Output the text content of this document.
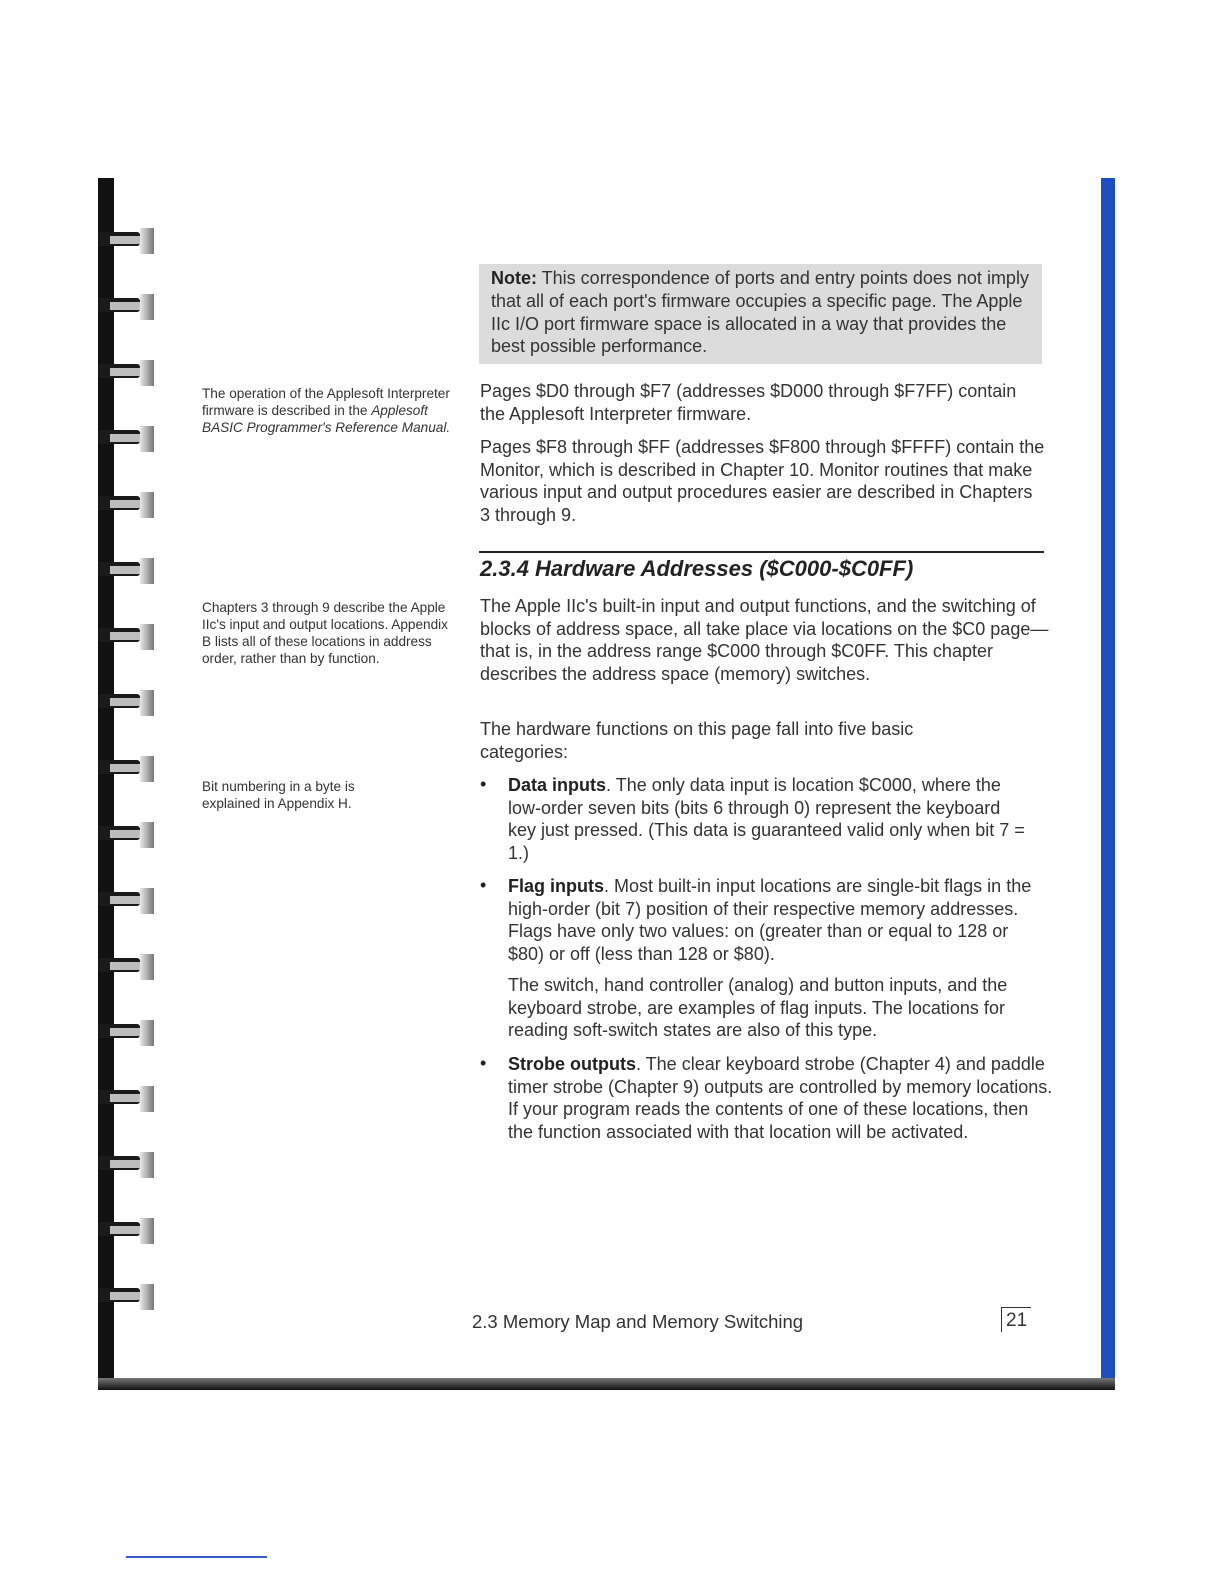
Note: This correspondence of ports and entry points does not imply that all of each port's firmware occupies a specific page. The Apple IIc I/O port firmware space is allocated in a way that provides the best possible performance.
The operation of the Applesoft Interpreter firmware is described in the Applesoft BASIC Programmer's Reference Manual.
Chapters 3 through 9 describe the Apple IIc's input and output locations. Appendix B lists all of these locations in address order, rather than by function.
Bit numbering in a byte is explained in Appendix H.

Pages $D0 through $F7 (addresses $D000 through $F7FF) contain the Applesoft Interpreter firmware.

Pages $F8 through $FF (addresses $F800 through $FFFF) contain the Monitor, which is described in Chapter 10. Monitor routines that make various input and output procedures easier are described in Chapters 3 through 9.

2.3.4 Hardware Addresses ($C000-$C0FF)

The Apple IIc's built-in input and output functions, and the switching of blocks of address space, all take place via locations on the $C0 page—that is, in the address range $C000 through $C0FF. This chapter describes the address space (memory) switches.

The hardware functions on this page fall into five basic categories:

• Data inputs. The only data input is location $C000, where the low-order seven bits (bits 6 through 0) represent the keyboard key just pressed. (This data is guaranteed valid only when bit 7 = 1.)
• Flag inputs. Most built-in input locations are single-bit flags in the high-order (bit 7) position of their respective memory addresses. Flags have only two values: on (greater than or equal to 128 or $80) or off (less than 128 or $80).
The switch, hand controller (analog) and button inputs, and the keyboard strobe, are examples of flag inputs. The locations for reading soft-switch states are also of this type.
• Strobe outputs. The clear keyboard strobe (Chapter 4) and paddle timer strobe (Chapter 9) outputs are controlled by memory locations. If your program reads the contents of one of these locations, then the function associated with that location will be activated.
2.3 Memory Map and Memory Switching	21
